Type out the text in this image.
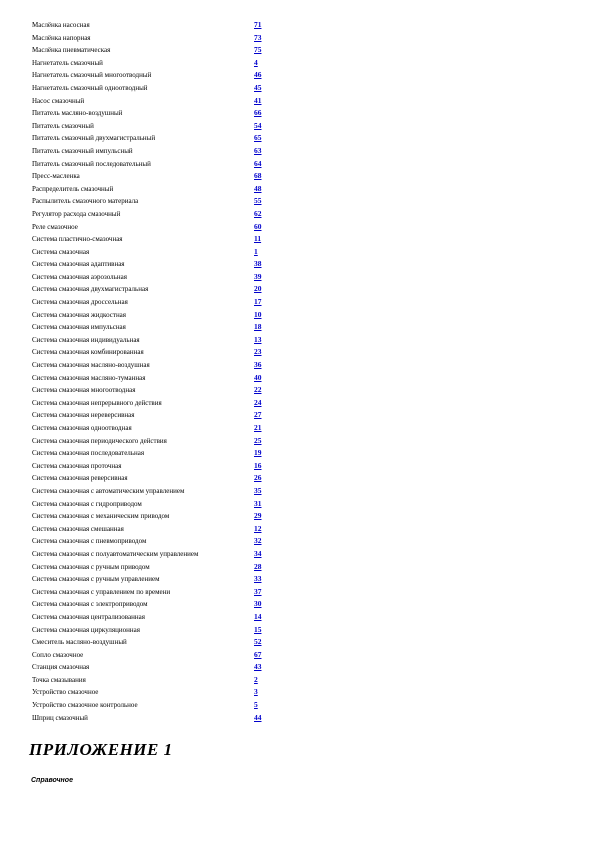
Маслёнка насосная	71
Маслёнка напорная	73
Маслёнка пневматическая	75
Нагнетатель смазочный	4
Нагнетатель смазочный многоотводный	46
Нагнетатель смазочный одноотводный	45
Насос смазочный	41
Питатель масляно-воздушный	66
Питатель смазочный	54
Питатель смазочный двухмагистральный	65
Питатель смазочный импульсный	63
Питатель смазочный последовательный	64
Пресс-масленка	68
Распределитель смазочный	48
Распылитель смазочного материала	55
Регулятор расхода смазочный	62
Реле смазочное	60
Система пластично-смазочная	11
Система смазочная	1
Система смазочная адаптивная	38
Система смазочная аэрозольная	39
Система смазочная двухмагистральная	20
Система смазочная дроссельная	17
Система смазочная жидкостная	10
Система смазочная импульсная	18
Система смазочная индивидуальная	13
Система смазочная комбинированная	23
Система смазочная масляно-воздушная	36
Система смазочная масляно-туманная	40
Система смазочная многоотводная	22
Система смазочная непрерывного действия	24
Система смазочная нереверсивная	27
Система смазочная одноотводная	21
Система смазочная периодического действия	25
Система смазочная последовательная	19
Система смазочная проточная	16
Система смазочная реверсивная	26
Система смазочная с автоматическим управлением	35
Система смазочная с гидроприводом	31
Система смазочная с механическим приводом	29
Система смазочная смешанная	12
Система смазочная с пневмоприводом	32
Система смазочная с полуавтоматическим управлением	34
Система смазочная с ручным приводом	28
Система смазочная с ручным управлением	33
Система смазочная с управлением по времени	37
Система смазочная с электроприводом	30
Система смазочная централизованная	14
Система смазочная циркуляционная	15
Смеситель масляно-воздушный	52
Сопло смазочное	67
Станция смазочная	43
Точка смазывания	2
Устройство смазочное	3
Устройство смазочное контрольное	5
Шприц смазочный	44
ПРИЛОЖЕНИЕ 1

Справочное
